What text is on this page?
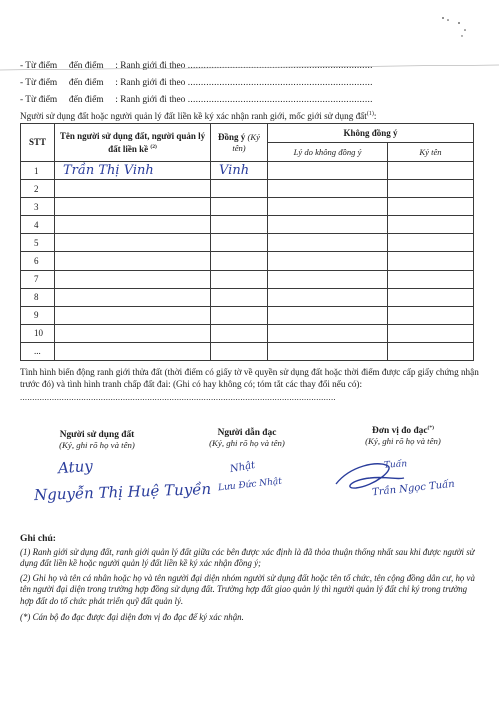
- Từ điểm đến điểm : Ranh giới đi theo ......................................................................
- Từ điểm đến điểm : Ranh giới đi theo ......................................................................
- Từ điểm đến điểm : Ranh giới đi theo ......................................................................
Người sử dụng đất hoặc người quản lý đất liền kề ký xác nhận ranh giới, mốc giới sử dụng đất$^{(1)}$:
STT	Tên người sử dụng đất, người quản lý đất liền kề $^{(2)}$	Đồng ý (Ký tên)	Không đồng ý	
			Lý do không đồng ý	Ký tên
1	Trần Thị Vinh	Vinh		
2				
3				
4				
5				
6				
7				
8				
9				
10				
...				
Tình hình biến động ranh giới thửa đất (thời điểm có giấy tờ về quyền sử dụng đất hoặc thời điểm được cấp giấy chứng nhận trước đó) và tình hình tranh chấp đất đai: (Ghi có hay không có; tóm tắt các thay đổi nếu có):
.................................................................................................................................
Người sử dụng đất
(Ký, ghi rõ họ và tên)
Người dẫn đạc
(Ký, ghi rõ họ và tên)
Đơn vị đo đạc(*)
(Ký, ghi rõ họ và tên)
Atuy
Nguyễn Thị Huệ Tuyền
Nhật
Lưu Đức Nhật
Tuấn
Trần Ngọc Tuấn
Ghi chú:
(1) Ranh giới sử dụng đất, ranh giới quản lý đất giữa các bên được xác định là đã thỏa thuận thống nhất sau khi được người sử dụng đất liền kề hoặc người quản lý đất liền kề ký xác nhận đồng ý;
(2) Ghi họ và tên cá nhân hoặc họ và tên người đại diện nhóm người sử dụng đất hoặc tên tổ chức, tên cộng đồng dân cư, họ và tên người đại diện trong trường hợp đồng sử dụng đất. Trường hợp đất giao quản lý thì người quản lý đất chỉ ký trong trường hợp đất do tổ chức phát triển quỹ đất quản lý.
(*) Cán bộ đo đạc được đại diện đơn vị đo đạc để ký xác nhận.
